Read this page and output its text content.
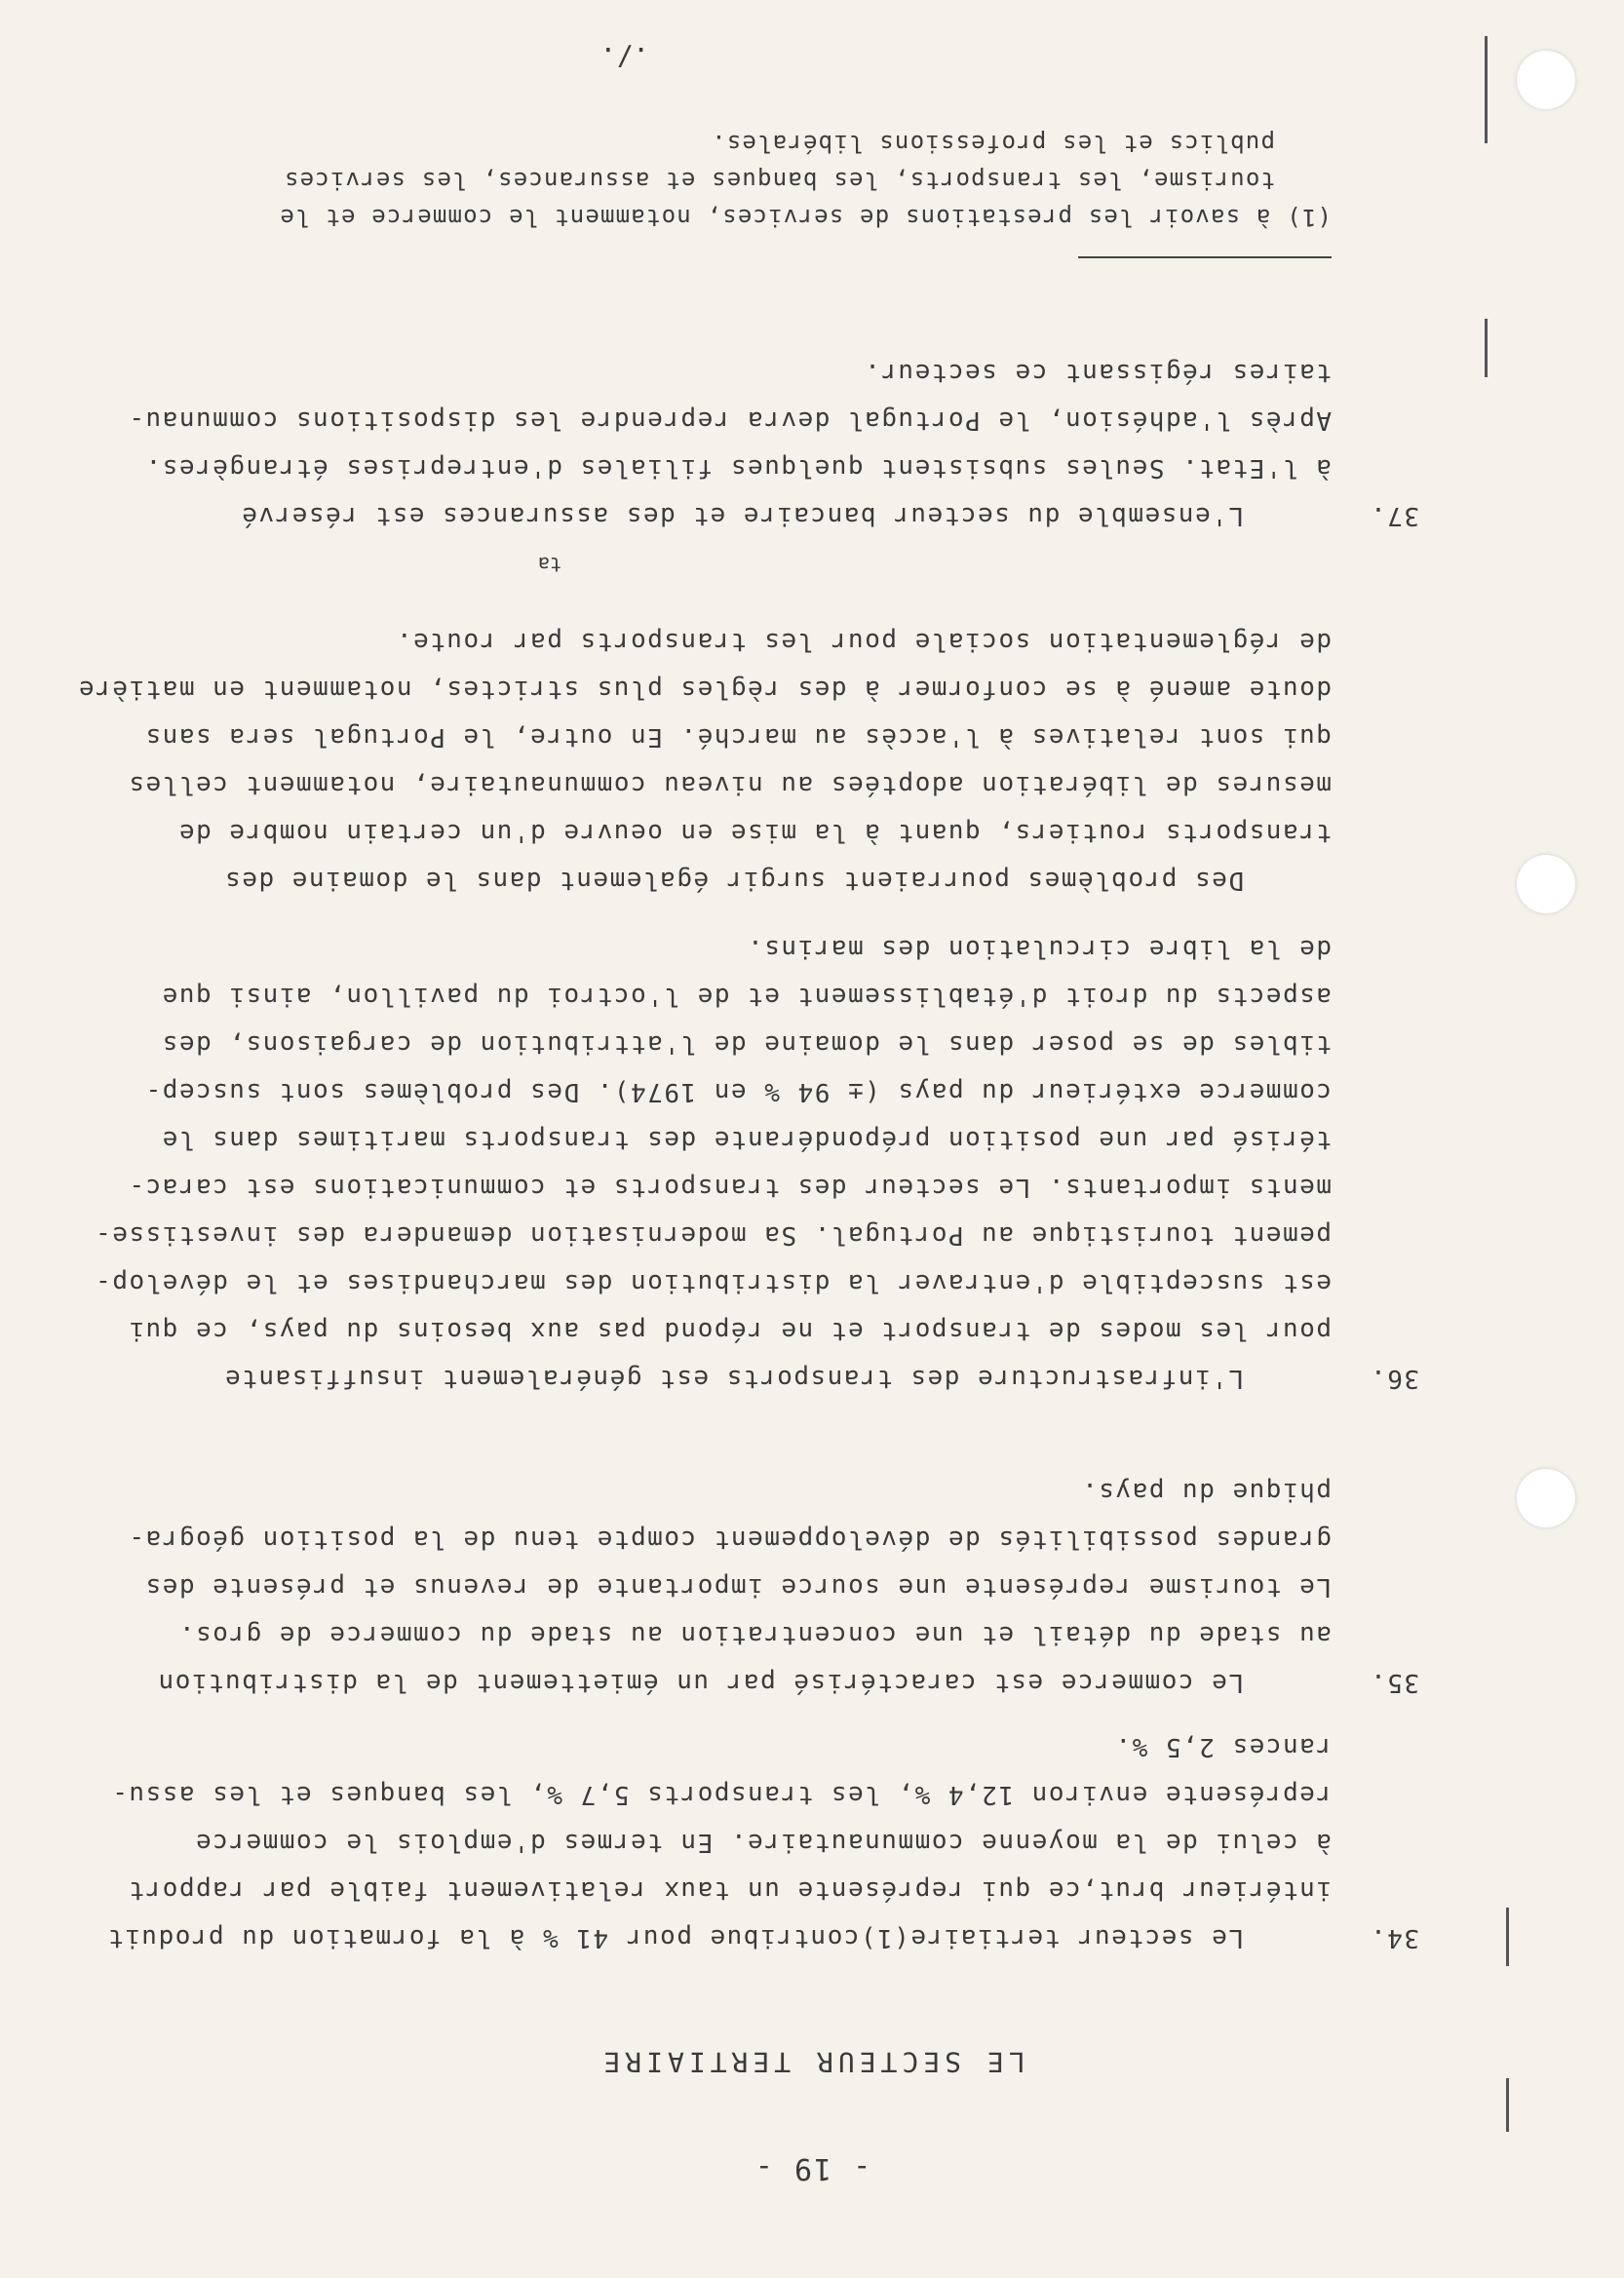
- 19 -
LE SECTEUR TERTIAIRE
34.
Le secteur tertiaire(1)contribue pour 41 % à la formation du produit
intérieur brut,ce qui représente un taux relativement faible par rapport
à celui de la moyenne communautaire. En termes d'emplois le commerce
représente environ 12,4 %, les transports 5,7 %, les banques et les assu-
rances 2,5 %.
35.
Le commerce est caractérisé par un émiettement de la distribution
au stade du détail et une concentration au stade du commerce de gros.
Le tourisme représente une source importante de revenus et présente des
grandes possibilités de développement compte tenu de la position géogra-
phique du pays.
36.
L'infrastructure des transports est généralement insuffisante
pour les modes de transport et ne répond pas aux besoins du pays, ce qui
est susceptible d'entraver la distribution des marchandises et le dévelop-
pement touristique au Portugal. Sa modernisation demandera des investisse-
ments importants. Le secteur des transports et communications est carac-
térisé par une position prépondérante des transports maritimes dans le
commerce extérieur du pays (± 94 % en 1974). Des problèmes sont suscep-
tibles de se poser dans le domaine de l'attribution de cargaisons, des
aspects du droit d'établissement et de l'octroi du pavillon, ainsi que
de la libre circulation des marins.
Des problèmes pourraient surgir également dans le domaine des
transports routiers, quant à la mise en oeuvre d'un certain nombre de
mesures de libération adoptées au niveau communautaire, notamment celles
qui sont relatives à l'accès au marché. En outre, le Portugal sera sans
doute amené à se conformer à des règles plus strictes, notamment en matière
de réglementation sociale pour les transports par route.
ta
37.
L'ensemble du secteur bancaire et des assurances est réservé
à l'Etat. Seules subsistent quelques filiales d'entreprises étrangères.
Après l'adhésion, le Portugal devra reprendre les dispositions communau-
taires régissant ce secteur.
(1) à savoir les prestations de services, notamment le commerce et le
tourisme, les transports, les banques et assurances, les services
publics et les professions libérales.
./.
